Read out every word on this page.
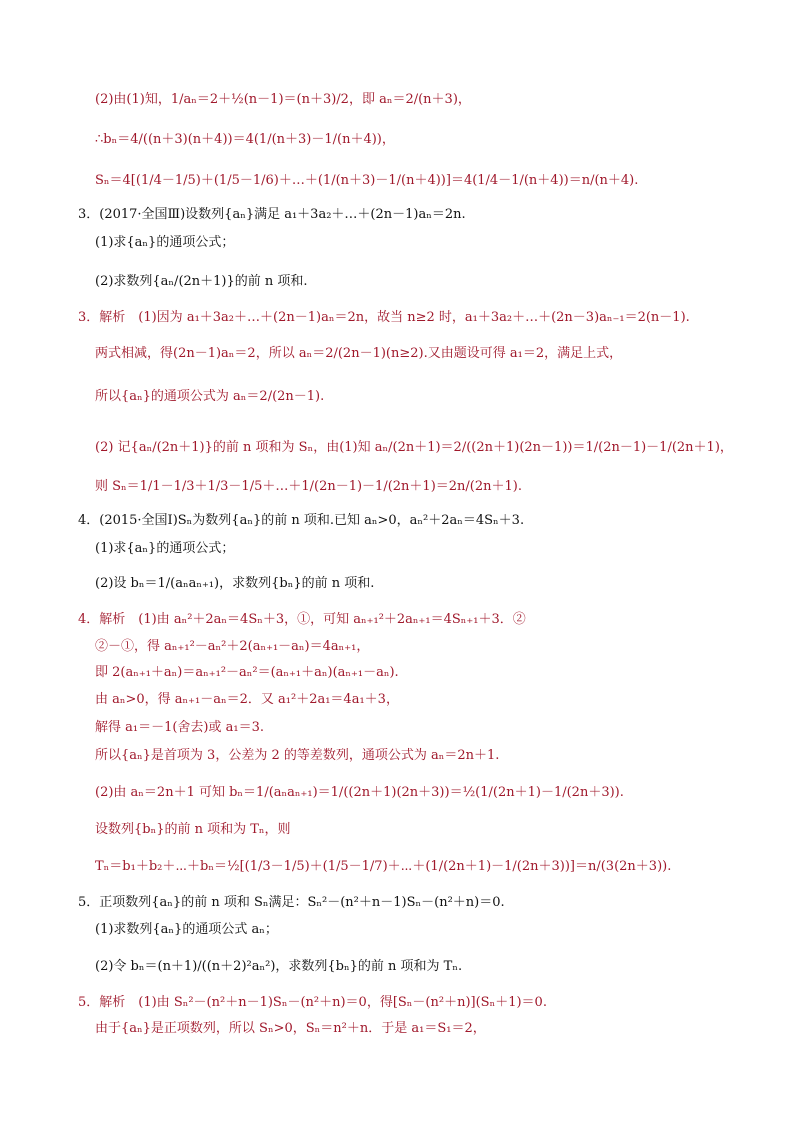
(2)由(1)知，1/aₙ＝2＋½(n－1)＝(n＋3)/2，即 aₙ＝2/(n＋3)，
∴bₙ＝4/((n＋3)(n＋4))＝4(1/(n＋3)－1/(n＋4))，
Sₙ＝4[(1/4－1/5)＋(1/5－1/6)＋…＋(1/(n＋3)－1/(n＋4))]＝4(1/4－1/(n＋4))＝n/(n＋4).
3．(2017·全国Ⅲ)设数列{aₙ}满足 a₁＋3a₂＋…＋(2n－1)aₙ＝2n.
(1)求{aₙ}的通项公式；
(2)求数列{aₙ/(2n＋1)}的前 n 项和.
3．解析　(1)因为 a₁＋3a₂＋…＋(2n－1)aₙ＝2n，故当 n≥2 时，a₁＋3a₂＋…＋(2n－3)aₙ₋₁＝2(n－1).
两式相减，得(2n－1)aₙ＝2，所以 aₙ＝2/(2n－1)(n≥2).又由题设可得 a₁＝2，满足上式，
所以{aₙ}的通项公式为 aₙ＝2/(2n－1).
(2) 记{aₙ/(2n＋1)}的前 n 项和为 Sₙ，由(1)知 aₙ/(2n＋1)＝2/((2n＋1)(2n－1))＝1/(2n－1)－1/(2n＋1)，
则 Sₙ＝1/1－1/3＋1/3－1/5＋…＋1/(2n－1)－1/(2n＋1)＝2n/(2n＋1).
4．(2015·全国Ⅰ)Sₙ为数列{aₙ}的前 n 项和.已知 aₙ>0，aₙ²＋2aₙ＝4Sₙ＋3.
(1)求{aₙ}的通项公式；
(2)设 bₙ＝1/(aₙaₙ₊₁)，求数列{bₙ}的前 n 项和.
4．解析　(1)由 aₙ²＋2aₙ＝4Sₙ＋3，①，可知 aₙ₊₁²＋2aₙ₊₁＝4Sₙ₊₁＋3．②
②－①，得 aₙ₊₁²－aₙ²＋2(aₙ₊₁－aₙ)＝4aₙ₊₁，
即 2(aₙ₊₁＋aₙ)＝aₙ₊₁²－aₙ²＝(aₙ₊₁＋aₙ)(aₙ₊₁－aₙ).
由 aₙ>0，得 aₙ₊₁－aₙ＝2．又 a₁²＋2a₁＝4a₁＋3，
解得 a₁＝－1(舍去)或 a₁＝3.
所以{aₙ}是首项为 3，公差为 2 的等差数列，通项公式为 aₙ＝2n＋1.
(2)由 aₙ＝2n＋1 可知 bₙ＝1/(aₙaₙ₊₁)＝1/((2n＋1)(2n＋3))＝½(1/(2n＋1)－1/(2n＋3)).
设数列{bₙ}的前 n 项和为 Tₙ，则
Tₙ＝b₁＋b₂＋⋯＋bₙ＝½[(1/3－1/5)＋(1/5－1/7)＋⋯＋(1/(2n＋1)－1/(2n＋3))]＝n/(3(2n＋3)).
5．正项数列{aₙ}的前 n 项和 Sₙ满足：Sₙ²－(n²＋n－1)Sₙ－(n²＋n)＝0.
(1)求数列{aₙ}的通项公式 aₙ；
(2)令 bₙ＝(n＋1)/((n＋2)²aₙ²)，求数列{bₙ}的前 n 项和为 Tₙ.
5．解析　(1)由 Sₙ²－(n²＋n－1)Sₙ－(n²＋n)＝0，得[Sₙ－(n²＋n)](Sₙ＋1)＝0.
由于{aₙ}是正项数列，所以 Sₙ>0，Sₙ＝n²＋n．于是 a₁＝S₁＝2，
